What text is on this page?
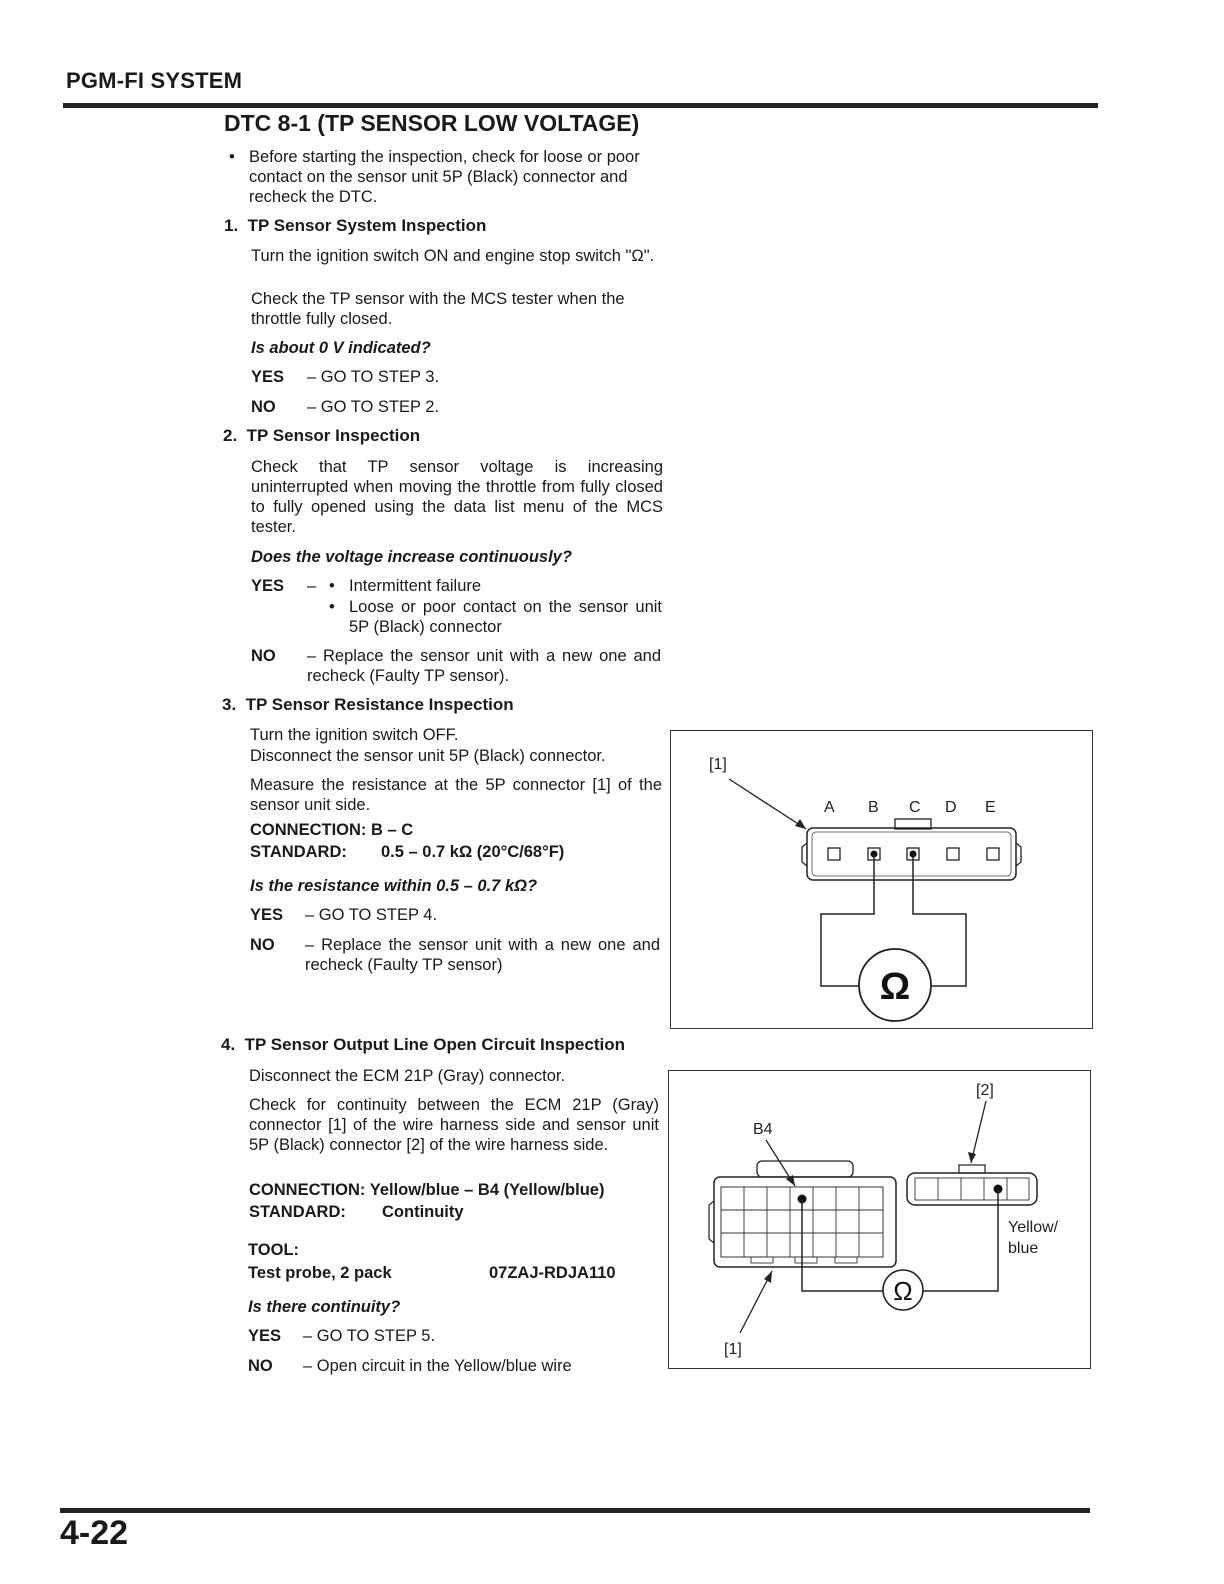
PGM-FI SYSTEM
DTC 8-1 (TP SENSOR LOW VOLTAGE)
• Before starting the inspection, check for loose or poor contact on the sensor unit 5P (Black) connector and recheck the DTC.
1. TP Sensor System Inspection
Turn the ignition switch ON and engine stop switch "Ω".
Check the TP sensor with the MCS tester when the throttle fully closed.
Is about 0 V indicated?
YES – GO TO STEP 3.
NO – GO TO STEP 2.
2. TP Sensor Inspection
Check that TP sensor voltage is increasing uninterrupted when moving the throttle from fully closed to fully opened using the data list menu of the MCS tester.
Does the voltage increase continuously?
YES – • Intermittent failure
• Loose or poor contact on the sensor unit 5P (Black) connector
NO – Replace the sensor unit with a new one and recheck (Faulty TP sensor).
3. TP Sensor Resistance Inspection
Turn the ignition switch OFF.
Disconnect the sensor unit 5P (Black) connector.
Measure the resistance at the 5P connector [1] of the sensor unit side.
CONNECTION: B – C
STANDARD: 0.5 – 0.7 kΩ (20°C/68°F)
Is the resistance within 0.5 – 0.7 kΩ?
YES – GO TO STEP 4.
NO – Replace the sensor unit with a new one and recheck (Faulty TP sensor)
4. TP Sensor Output Line Open Circuit Inspection
Disconnect the ECM 21P (Gray) connector.
Check for continuity between the ECM 21P (Gray) connector [1] of the wire harness side and sensor unit 5P (Black) connector [2] of the wire harness side.
CONNECTION: Yellow/blue – B4 (Yellow/blue)
STANDARD: Continuity
TOOL:
Test probe, 2 pack	07ZAJ-RDJA110
Is there continuity?
YES – GO TO STEP 5.
NO – Open circuit in the Yellow/blue wire
[1]
A B C D E
Ω
[2]
B4
Yellow/
blue
Ω
[1]
4-22
